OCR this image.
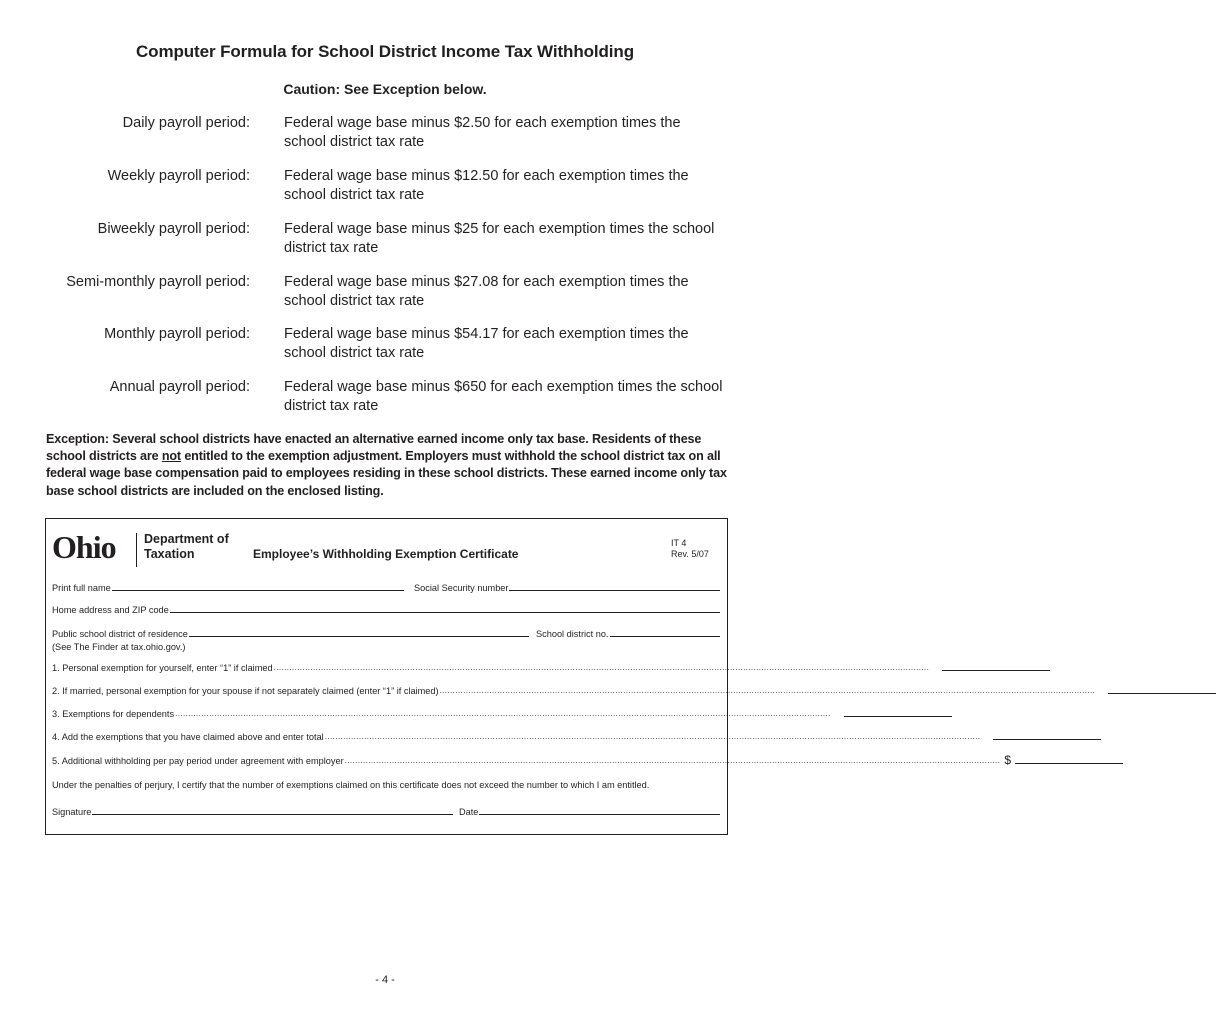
Computer Formula for School District Income Tax Withholding
Caution: See Exception below.
Daily payroll period: Federal wage base minus $2.50 for each exemption times the school district tax rate
Weekly payroll period: Federal wage base minus $12.50 for each exemption times the school district tax rate
Biweekly payroll period: Federal wage base minus $25 for each exemption times the school district tax rate
Semi-monthly payroll period: Federal wage base minus $27.08 for each exemption times the school district tax rate
Monthly payroll period: Federal wage base minus $54.17 for each exemption times the school district tax rate
Annual payroll period: Federal wage base minus $650 for each exemption times the school district tax rate
Exception: Several school districts have enacted an alternative earned income only tax base. Residents of these school districts are not entitled to the exemption adjustment. Employers must withhold the school district tax on all federal wage base compensation paid to employees residing in these school districts. These earned income only tax base school districts are included on the enclosed listing.
Ohio Department of
Taxation	Employee’s Withholding Exemption Certificate
IT 4
Rev. 5/07
Print full name	Social Security number
Home address and ZIP code
Public school district of residence	School district no.
(See The Finder at tax.ohio.gov.)
1. Personal exemption for yourself, enter “1” if claimed ..........................................................................................................................................................................................................................................................
2. If married, personal exemption for your spouse if not separately claimed (enter “1” if claimed) ..........................................................................................................................................................................................................................................................
3. Exemptions for dependents ..........................................................................................................................................................................................................................................................
4. Add the exemptions that you have claimed above and enter total ..........................................................................................................................................................................................................................................................
5. Additional withholding per pay period under agreement with employer .......................................................................................................................................................................................................................................................... $
Under the penalties of perjury, I certify that the number of exemptions claimed on this certificate does not exceed the number to which I am entitled.
Signature	Date
- 4 -
